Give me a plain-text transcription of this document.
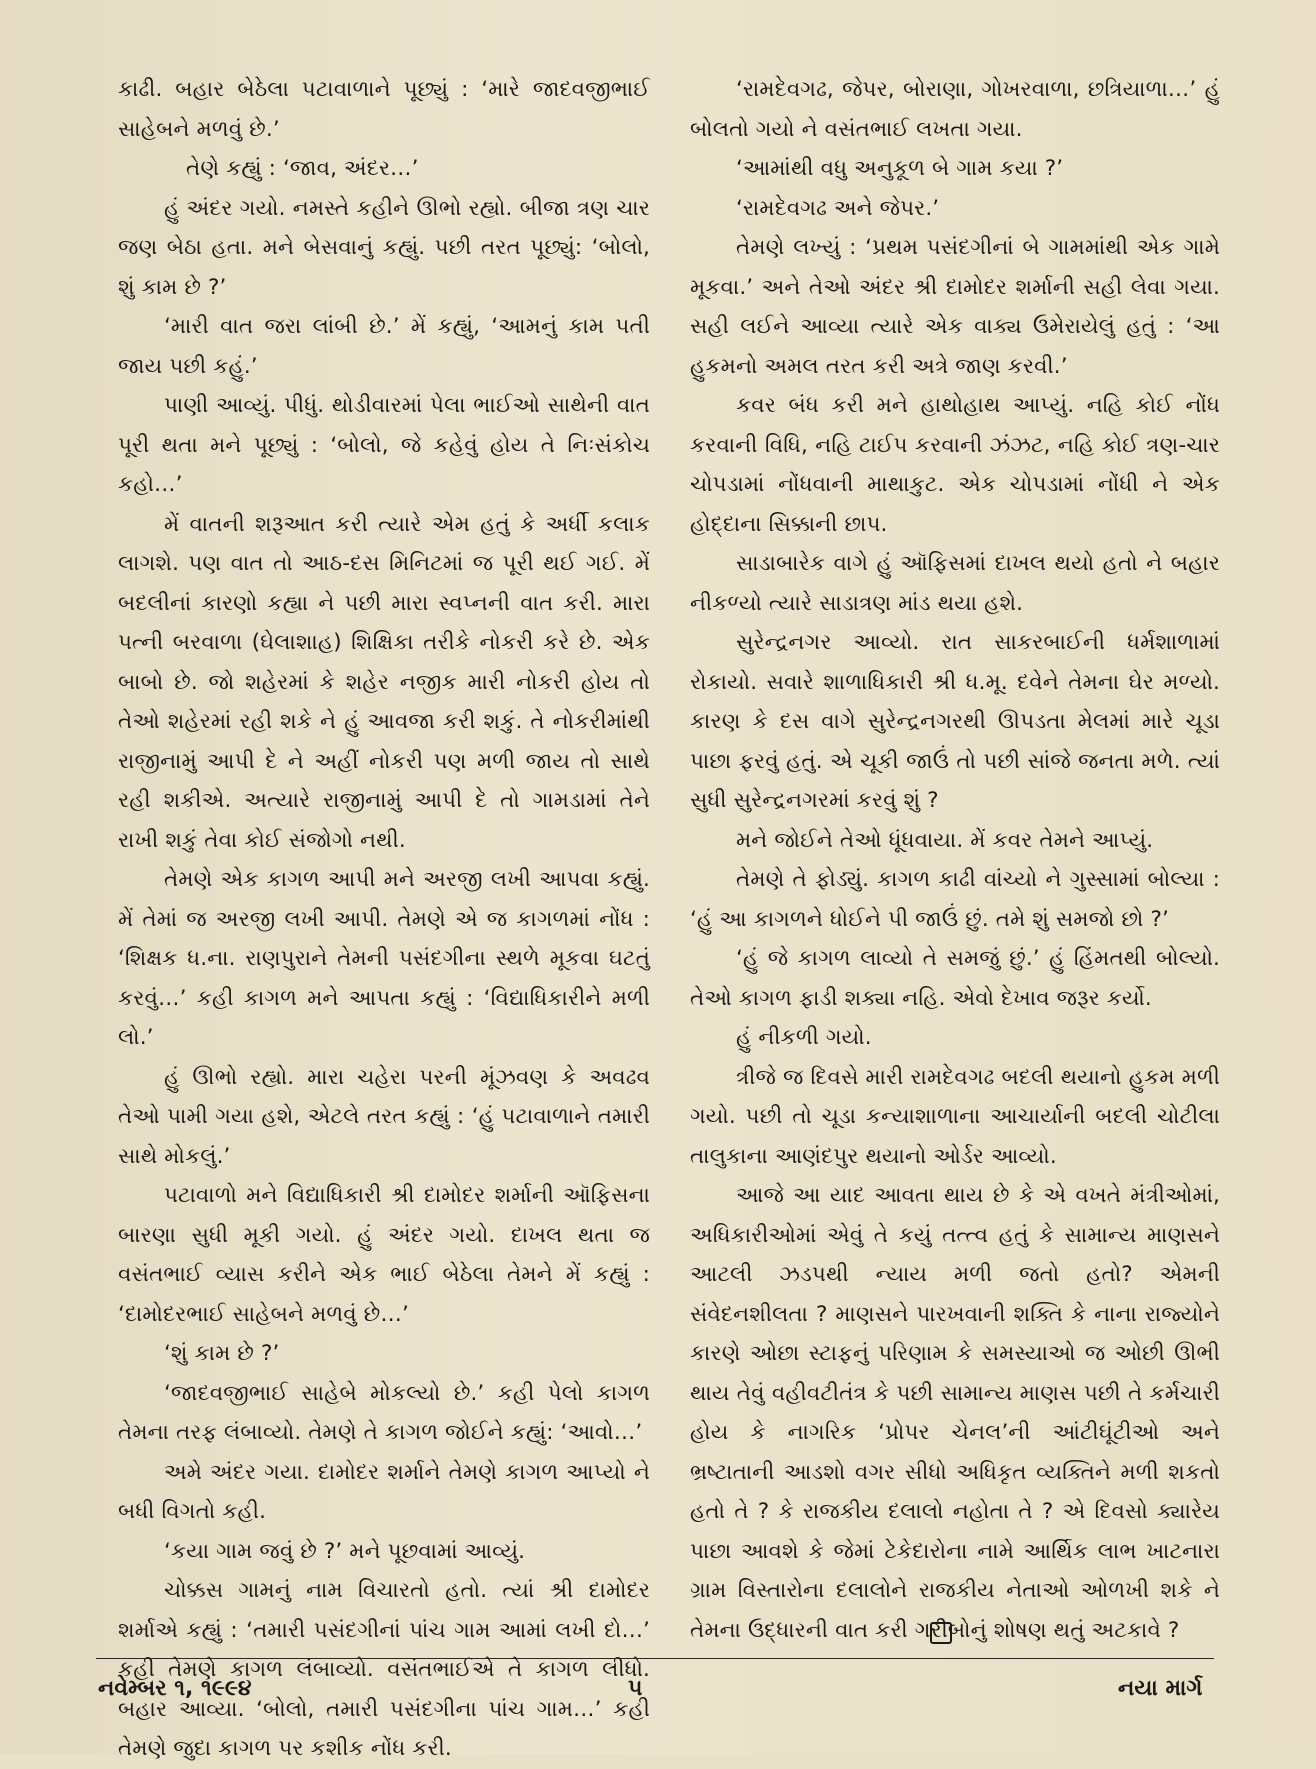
કાઢી. બહાર બેઠેલા પટાવાળાને પૂછ્યું : ‘મારે જાદવજીભાઈ સાહેબને મળવું છે.’

તેણે કહ્યું : ‘જાવ, અંદર…’

હું અંદર ગયો. નમસ્તે કહીને ઊભો રહ્યો. બીજા ત્રણ ચાર જણ બેઠા હતા. મને બેસવાનું કહ્યું. પછી તરત પૂછ્યું: ‘બોલો, શું કામ છે ?’

‘મારી વાત જરા લાંબી છે.’ મેં કહ્યું, ‘આમનું કામ પતી જાય પછી કહું.’

પાણી આવ્યું. પીધું. થોડીવારમાં પેલા ભાઈઓ સાથેની વાત પૂરી થતા મને પૂછ્યું : ‘બોલો, જે કહેવું હોય તે નિઃસંકોચ કહો…’

મેં વાતની શરૂઆત કરી ત્યારે એમ હતું કે અર્ધી કલાક લાગશે. પણ વાત તો આઠ-દસ મિનિટમાં જ પૂરી થઈ ગઈ. મેં બદલીનાં કારણો કહ્યા ને પછી મારા સ્વપ્નની વાત કરી. મારા પત્ની બરવાળા (ઘેલાશાહ) શિક્ષિકા તરીકે નોકરી કરે છે. એક બાબો છે. જો શહેરમાં કે શહેર નજીક મારી નોકરી હોય તો તેઓ શહેરમાં રહી શકે ને હું આવજા કરી શકું. તે નોકરીમાંથી રાજીનામું આપી દે ને અહીં નોકરી પણ મળી જાય તો સાથે રહી શકીએ. અત્યારે રાજીનામું આપી દે તો ગામડામાં તેને રાખી શકું તેવા કોઈ સંજોગો નથી.

તેમણે એક કાગળ આપી મને અરજી લખી આપવા કહ્યું. મેં તેમાં જ અરજી લખી આપી. તેમણે એ જ કાગળમાં નોંધ : ‘શિક્ષક ધ.ના. રાણપુરાને તેમની પસંદગીના સ્થળે મૂકવા ઘટતું કરવું…’ કહી કાગળ મને આપતા કહ્યું : ‘વિદ્યાધિકારીને મળી લો.’

હું ઊભો રહ્યો. મારા ચહેરા પરની મૂંઝવણ કે અવઢવ તેઓ પામી ગયા હશે, એટલે તરત કહ્યું : ‘હું પટાવાળાને તમારી સાથે મોકલું.’

પટાવાળો મને વિદ્યાધિકારી શ્રી દામોદર શર્માની ઑફિસના બારણા સુધી મૂકી ગયો. હું અંદર ગયો. દાખલ થતા જ વસંતભાઈ વ્યાસ કરીને એક ભાઈ બેઠેલા તેમને મેં કહ્યું : ‘દામોદરભાઈ સાહેબને મળવું છે…’

‘શું કામ છે ?’

‘જાદવજીભાઈ સાહેબે મોકલ્યો છે.’ કહી પેલો કાગળ તેમના તરફ લંબાવ્યો. તેમણે તે કાગળ જોઈને કહ્યું: ‘આવો…’

અમે અંદર ગયા. દામોદર શર્માને તેમણે કાગળ આપ્યો ને બધી વિગતો કહી.

‘કયા ગામ જવું છે ?’ મને પૂછવામાં આવ્યું.

ચોક્કસ ગામનું નામ વિચારતો હતો. ત્યાં શ્રી દામોદર શર્માએ કહ્યું : ‘તમારી પસંદગીનાં પાંચ ગામ આમાં લખી દો…’ કહી તેમણે કાગળ લંબાવ્યો. વસંતભાઈએ તે કાગળ લીધો. બહાર આવ્યા. ‘બોલો, તમારી પસંદગીના પાંચ ગામ…’ કહી તેમણે જુદા કાગળ પર કશીક નોંધ કરી.

‘રામદેવગઢ, જેપર, બોરાણા, ગોખરવાળા, છત્રિયાળા…’ હું બોલતો ગયો ને વસંતભાઈ લખતા ગયા.

‘આમાંથી વધુ અનુકૂળ બે ગામ કયા ?’

‘રામદેવગઢ અને જેપર.’

તેમણે લખ્યું : ‘પ્રથમ પસંદગીનાં બે ગામમાંથી એક ગામે મૂકવા.’ અને તેઓ અંદર શ્રી દામોદર શર્માની સહી લેવા ગયા. સહી લઈને આવ્યા ત્યારે એક વાક્ય ઉમેરાયેલું હતું : ‘આ હુકમનો અમલ તરત કરી અત્રે જાણ કરવી.’

કવર બંધ કરી મને હાથોહાથ આપ્યું. નહિ કોઈ નોંધ કરવાની વિધિ, નહિ ટાઈપ કરવાની ઝંઝટ, નહિ કોઈ ત્રણ-ચાર ચોપડામાં નોંધવાની માથાકુટ. એક ચોપડામાં નોંધી ને એક હોદ્દાના સિક્કાની છાપ.

સાડાબારેક વાગે હું ઑફિસમાં દાખલ થયો હતો ને બહાર નીકળ્યો ત્યારે સાડાત્રણ માંડ થયા હશે.

સુરેન્દ્રનગર આવ્યો. રાત સાકરબાઈની ધર્મશાળામાં રોકાયો. સવારે શાળાધિકારી શ્રી ધ.મૂ. દવેને તેમના ઘેર મળ્યો. કારણ કે દસ વાગે સુરેન્દ્રનગરથી ઊપડતા મેલમાં મારે ચૂડા પાછા ફરવું હતું. એ ચૂકી જાઉં તો પછી સાંજે જનતા મળે. ત્યાં સુધી સુરેન્દ્રનગરમાં કરવું શું ?

મને જોઈને તેઓ ધૂંધવાયા. મેં કવર તેમને આપ્યું.

તેમણે તે ફોડ્યું. કાગળ કાઢી વાંચ્યો ને ગુસ્સામાં બોલ્યા : ‘હું આ કાગળને ધોઈને પી જાઉં છું. તમે શું સમજો છો ?’

‘હું જે કાગળ લાવ્યો તે સમજું છું.’ હું હિંમતથી બોલ્યો. તેઓ કાગળ ફાડી શક્યા નહિ. એવો દેખાવ જરૂર કર્યો.

હું નીકળી ગયો.

ત્રીજે જ દિવસે મારી રામદેવગઢ બદલી થયાનો હુકમ મળી ગયો. પછી તો ચૂડા કન્યાશાળાના આચાર્યાની બદલી ચોટીલા તાલુકાના આણંદપુર થયાનો ઓર્ડર આવ્યો.

આજે આ યાદ આવતા થાય છે કે એ વખતે મંત્રીઓમાં, અધિકારીઓમાં એવું તે કયું તત્ત્વ હતું કે સામાન્ય માણસને આટલી ઝડપથી ન્યાય મળી જતો હતો? એમની સંવેદનશીલતા ? માણસને પારખવાની શક્તિ કે નાના રાજ્યોને કારણે ઓછા સ્ટાફનું પરિણામ કે સમસ્યાઓ જ ઓછી ઊભી થાય તેવું વહીવટીતંત્ર કે પછી સામાન્ય માણસ પછી તે કર્મચારી હોય કે નાગરિક ‘પ્રોપર ચેનલ’ની આંટીઘૂંટીઓ અને ભ્રષ્ટાતાની આડશો વગર સીધો અધિકૃત વ્યક્તિને મળી શકતો હતો તે ? કે રાજકીય દલાલો નહોતા તે ? એ દિવસો ક્યારેય પાછા આવશે કે જેમાં ટેકેદારોના નામે આર્થિક લાભ ખાટનારા ગ્રામ વિસ્તારોના દલાલોને રાજકીય નેતાઓ ઓળખી શકે ને તેમના ઉદ્ધારની વાત કરી ગરીબોનું શોષણ થતું અટકાવે ?

નવેમ્બર ૧, ૧૯૯૪	૫	નયા માર્ગ
